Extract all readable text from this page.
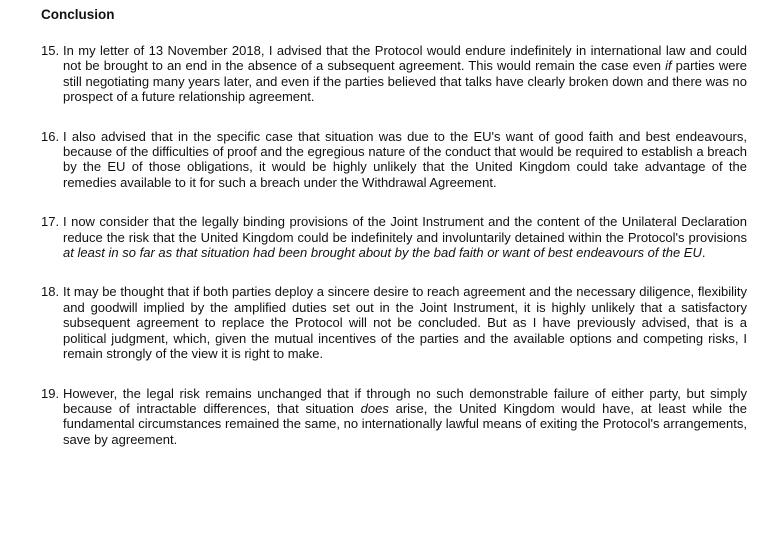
Conclusion
15. In my letter of 13 November 2018, I advised that the Protocol would endure indefinitely in international law and could not be brought to an end in the absence of a subsequent agreement. This would remain the case even if parties were still negotiating many years later, and even if the parties believed that talks have clearly broken down and there was no prospect of a future relationship agreement.
16. I also advised that in the specific case that situation was due to the EU's want of good faith and best endeavours, because of the difficulties of proof and the egregious nature of the conduct that would be required to establish a breach by the EU of those obligations, it would be highly unlikely that the United Kingdom could take advantage of the remedies available to it for such a breach under the Withdrawal Agreement.
17. I now consider that the legally binding provisions of the Joint Instrument and the content of the Unilateral Declaration reduce the risk that the United Kingdom could be indefinitely and involuntarily detained within the Protocol's provisions at least in so far as that situation had been brought about by the bad faith or want of best endeavours of the EU.
18. It may be thought that if both parties deploy a sincere desire to reach agreement and the necessary diligence, flexibility and goodwill implied by the amplified duties set out in the Joint Instrument, it is highly unlikely that a satisfactory subsequent agreement to replace the Protocol will not be concluded. But as I have previously advised, that is a political judgment, which, given the mutual incentives of the parties and the available options and competing risks, I remain strongly of the view it is right to make.
19. However, the legal risk remains unchanged that if through no such demonstrable failure of either party, but simply because of intractable differences, that situation does arise, the United Kingdom would have, at least while the fundamental circumstances remained the same, no internationally lawful means of exiting the Protocol's arrangements, save by agreement.
